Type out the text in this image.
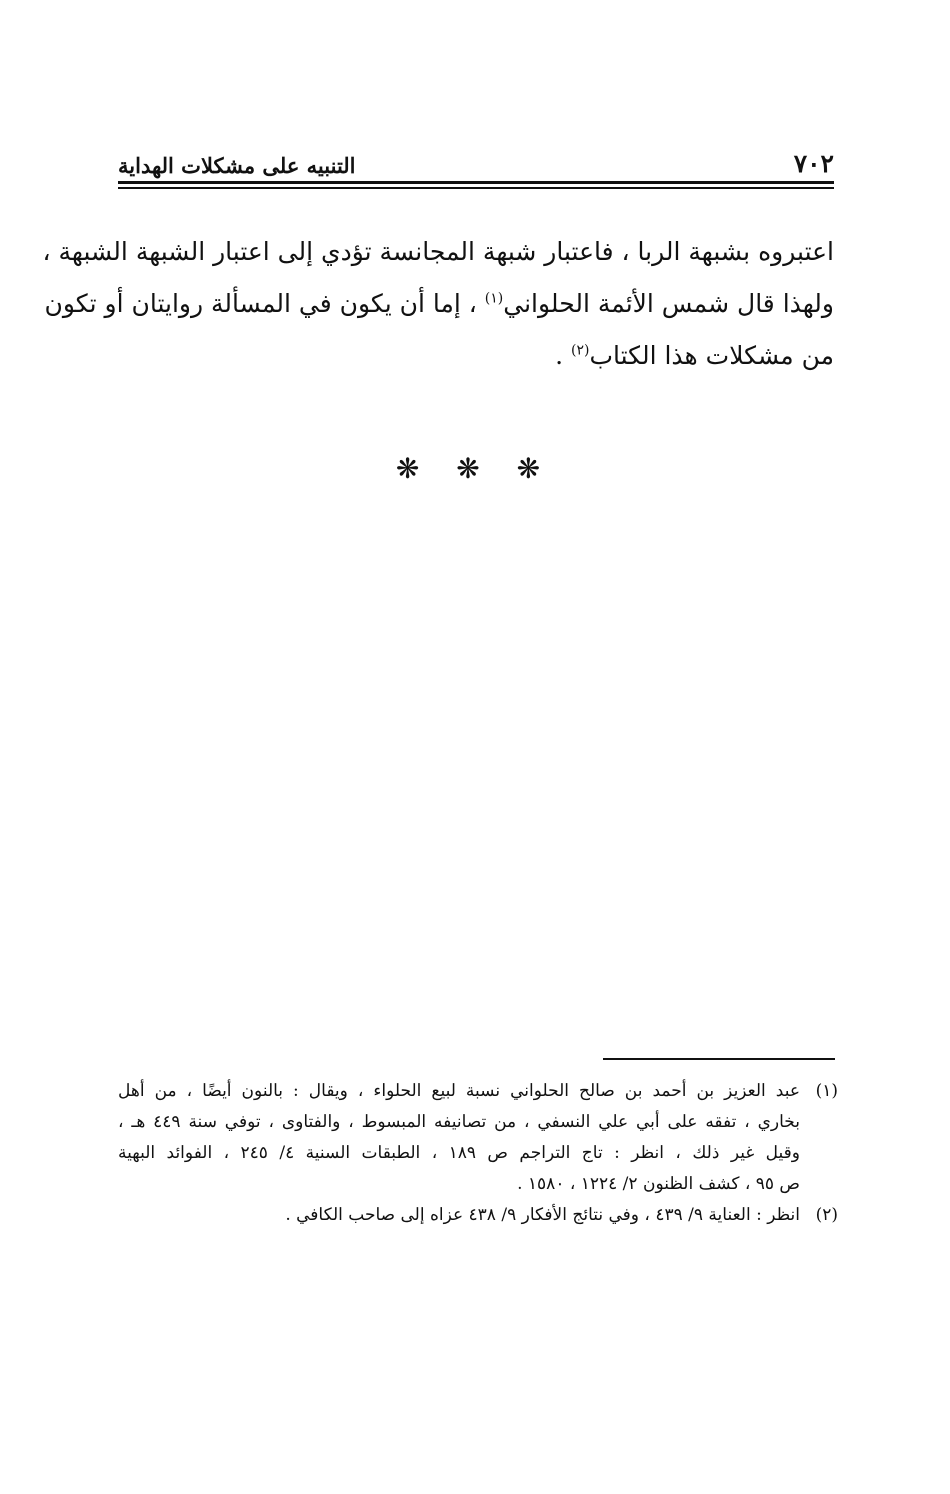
٧٠٢
التنبيه على مشكلات الهداية

اعتبروه بشبهة الربا ، فاعتبار شبهة المجانسة تؤدي إلى اعتبار الشبهة الشبهة ،

ولهذا قال شمس الأئمة الحلواني$^{(١)}$ ، إما أن يكون في المسألة روايتان أو تكون

من مشكلات هذا الكتاب$^{(٢)}$ .

❋ ❋ ❋
(١)

عبد العزيز بن أحمد بن صالح الحلواني نسبة لبيع الحلواء ، ويقال : بالنون أيضًا ، من أهل

بخاري ، تفقه على أبي علي النسفي ، من تصانيفه المبسوط ، والفتاوى ، توفي سنة ٤٤٩ هـ ،

وقيل غير ذلك ، انظر : تاج التراجم ص ١٨٩ ، الطبقات السنية ٤/ ٢٤٥ ، الفوائد البهية

ص ٩٥ ، كشف الظنون ٢/ ١٢٢٤ ، ١٥٨٠ .

(٢)

انظر : العناية ٩/ ٤٣٩ ، وفي نتائج الأفكار ٩/ ٤٣٨ عزاه إلى صاحب الكافي .
